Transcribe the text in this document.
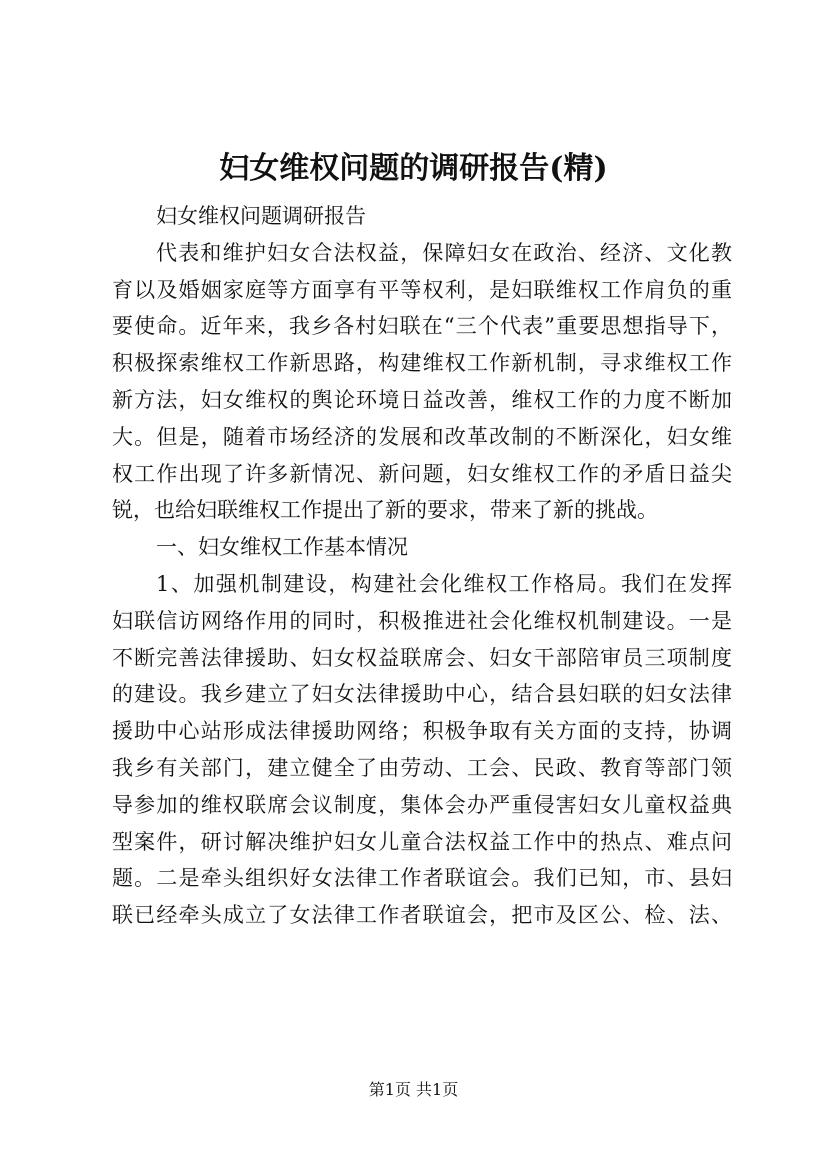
妇女维权问题的调研报告(精)
妇女维权问题调研报告
代表和维护妇女合法权益，保障妇女在政治、经济、文化教
育以及婚姻家庭等方面享有平等权利，是妇联维权工作肩负的重
要使命。近年来，我乡各村妇联在“三个代表”重要思想指导下，
积极探索维权工作新思路，构建维权工作新机制，寻求维权工作
新方法，妇女维权的舆论环境日益改善，维权工作的力度不断加
大。但是，随着市场经济的发展和改革改制的不断深化，妇女维
权工作出现了许多新情况、新问题，妇女维权工作的矛盾日益尖
锐，也给妇联维权工作提出了新的要求，带来了新的挑战。
一、妇女维权工作基本情况
1、加强机制建设，构建社会化维权工作格局。我们在发挥
妇联信访网络作用的同时，积极推进社会化维权机制建设。一是
不断完善法律援助、妇女权益联席会、妇女干部陪审员三项制度
的建设。我乡建立了妇女法律援助中心，结合县妇联的妇女法律
援助中心站形成法律援助网络；积极争取有关方面的支持，协调
我乡有关部门，建立健全了由劳动、工会、民政、教育等部门领
导参加的维权联席会议制度，集体会办严重侵害妇女儿童权益典
型案件，研讨解决维护妇女儿童合法权益工作中的热点、难点问
题。二是牵头组织好女法律工作者联谊会。我们已知，市、县妇
联已经牵头成立了女法律工作者联谊会，把市及区公、检、法、
第1页 共1页
